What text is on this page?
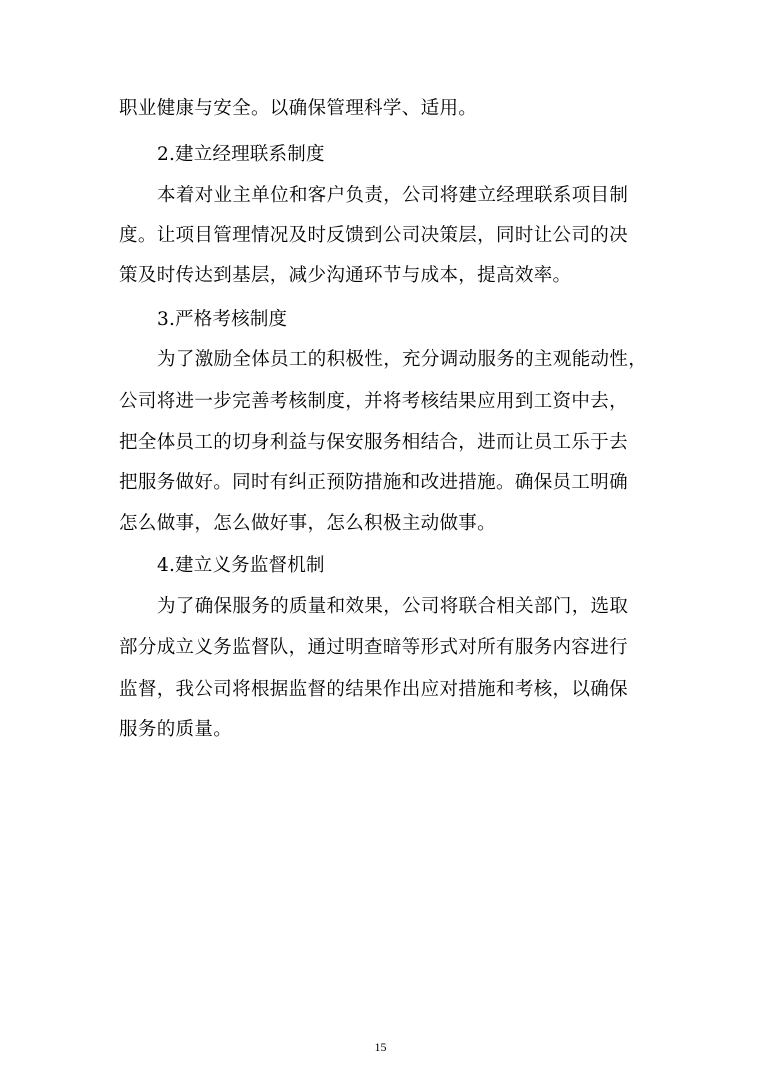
职业健康与安全。以确保管理科学、适用。
2.建立经理联系制度
本着对业主单位和客户负责，公司将建立经理联系项目制
度。让项目管理情况及时反馈到公司决策层，同时让公司的决
策及时传达到基层，减少沟通环节与成本，提高效率。
3.严格考核制度
为了激励全体员工的积极性，充分调动服务的主观能动性，
公司将进一步完善考核制度，并将考核结果应用到工资中去，
把全体员工的切身利益与保安服务相结合，进而让员工乐于去
把服务做好。同时有纠正预防措施和改进措施。确保员工明确
怎么做事，怎么做好事，怎么积极主动做事。
4.建立义务监督机制
为了确保服务的质量和效果，公司将联合相关部门，选取
部分成立义务监督队，通过明查暗等形式对所有服务内容进行
监督，我公司将根据监督的结果作出应对措施和考核，以确保
服务的质量。
15
